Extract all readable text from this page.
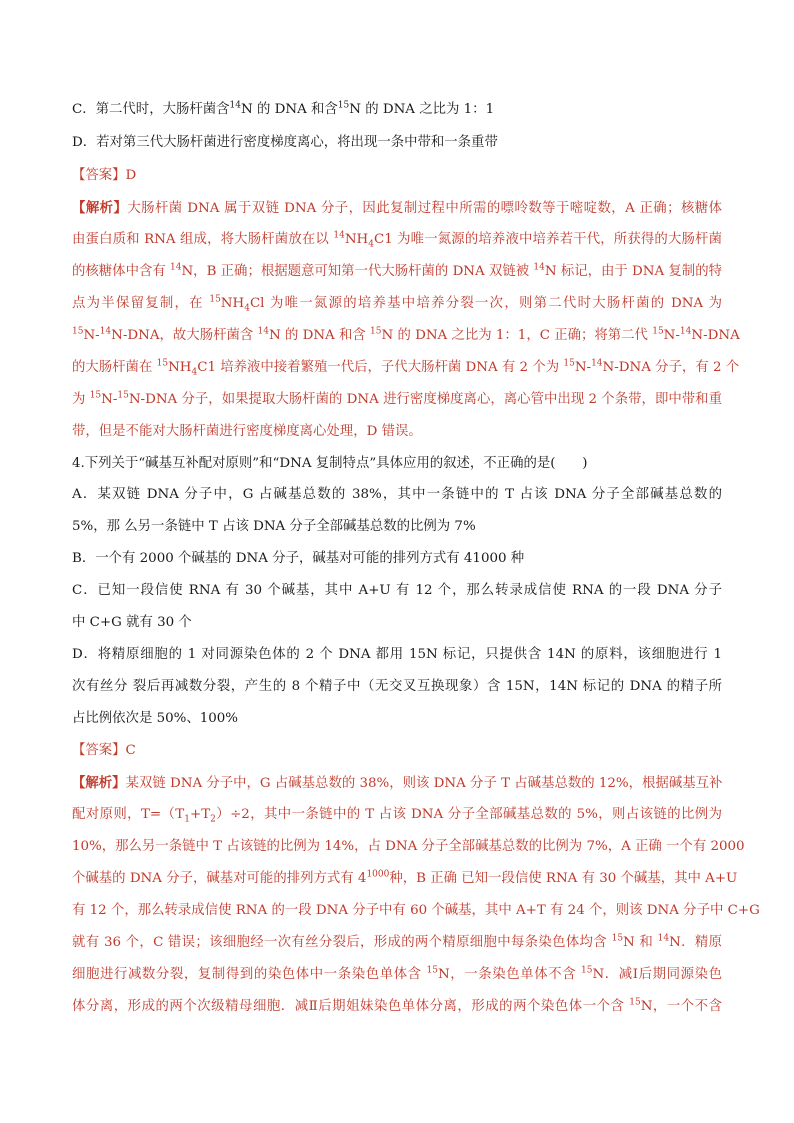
C．第二代时，大肠杆菌含$^{14}$N 的 DNA 和含$^{15}$N 的 DNA 之比为 1：1
D．若对第三代大肠杆菌进行密度梯度离心，将出现一条中带和一条重带
【答案】D
【解析】大肠杆菌 DNA 属于双链 DNA 分子，因此复制过程中所需的嘌呤数等于嘧啶数，A 正确；核糖体
由蛋白质和 RNA 组成，将大肠杆菌放在以 $^{14}NH_4C1$ 为唯一氮源的培养液中培养若干代，所获得的大肠杆菌
的核糖体中含有 $^{14}$N，B 正确；根据题意可知第一代大肠杆菌的 DNA 双链被 $^{14}$N 标记，由于 DNA 复制的特
点为半保留复制，在 $^{15}NH_4Cl$ 为唯一氮源的培养基中培养分裂一次，则第二代时大肠杆菌的 DNA 为
$^{15}$N-$^{14}$N-DNA，故大肠杆菌含 $^{14}$N 的 DNA 和含 $^{15}$N 的 DNA 之比为 1：1，C 正确；将第二代 $^{15}$N-$^{14}$N-DNA
的大肠杆菌在 $^{15}NH_4C1$ 培养液中接着繁殖一代后，子代大肠杆菌 DNA 有 2 个为 $^{15}$N-$^{14}$N-DNA 分子，有 2 个
为 $^{15}$N-$^{15}$N-DNA 分子，如果提取大肠杆菌的 DNA 进行密度梯度离心，离心管中出现 2 个条带，即中带和重
带，但是不能对大肠杆菌进行密度梯度离心处理，D 错误。
4.下列关于“碱基互补配对原则”和“DNA 复制特点”具体应用的叙述，不正确的是(　　)
A．某双链 DNA 分子中，G 占碱基总数的 38%，其中一条链中的 T 占该 DNA 分子全部碱基总数的
5%，那 么另一条链中 T 占该 DNA 分子全部碱基总数的比例为 7%
B．一个有 2000 个碱基的 DNA 分子，碱基对可能的排列方式有 41000 种
C．已知一段信使 RNA 有 30 个碱基，其中 A+U 有 12 个，那么转录成信使 RNA 的一段 DNA 分子
中 C+G 就有 30 个
D．将精原细胞的 1 对同源染色体的 2 个 DNA 都用 15N 标记，只提供含 14N 的原料，该细胞进行 1
次有丝分 裂后再减数分裂，产生的 8 个精子中（无交叉互换现象）含 15N，14N 标记的 DNA 的精子所
占比例依次是 50%、100%
【答案】C
【解析】某双链 DNA 分子中，G 占碱基总数的 38%，则该 DNA 分子 T 占碱基总数的 12%，根据碱基互补
配对原则，$T=(T_1+T_2)\div 2$，其中一条链中的 T 占该 DNA 分子全部碱基总数的 5%，则占该链的比例为
10%，那么另一条链中 T 占该链的比例为 14%，占 DNA 分子全部碱基总数的比例为 7%，A 正确 一个有 2000
个碱基的 DNA 分子，碱基对可能的排列方式有 $4^{1000}$种，B 正确 已知一段信使 RNA 有 30 个碱基，其中 A+U
有 12 个，那么转录成信使 RNA 的一段 DNA 分子中有 60 个碱基，其中 A+T 有 24 个，则该 DNA 分子中 C+G
就有 36 个，C 错误；该细胞经一次有丝分裂后，形成的两个精原细胞中每条染色体均含 $^{15}$N 和 $^{14}$N．精原
细胞进行减数分裂，复制得到的染色体中一条染色单体含 $^{15}$N，一条染色单体不含 $^{15}$N．减Ⅰ后期同源染色
体分离，形成的两个次级精母细胞．减Ⅱ后期姐妹染色单体分离，形成的两个染色体一个含 $^{15}$N，一个不含
